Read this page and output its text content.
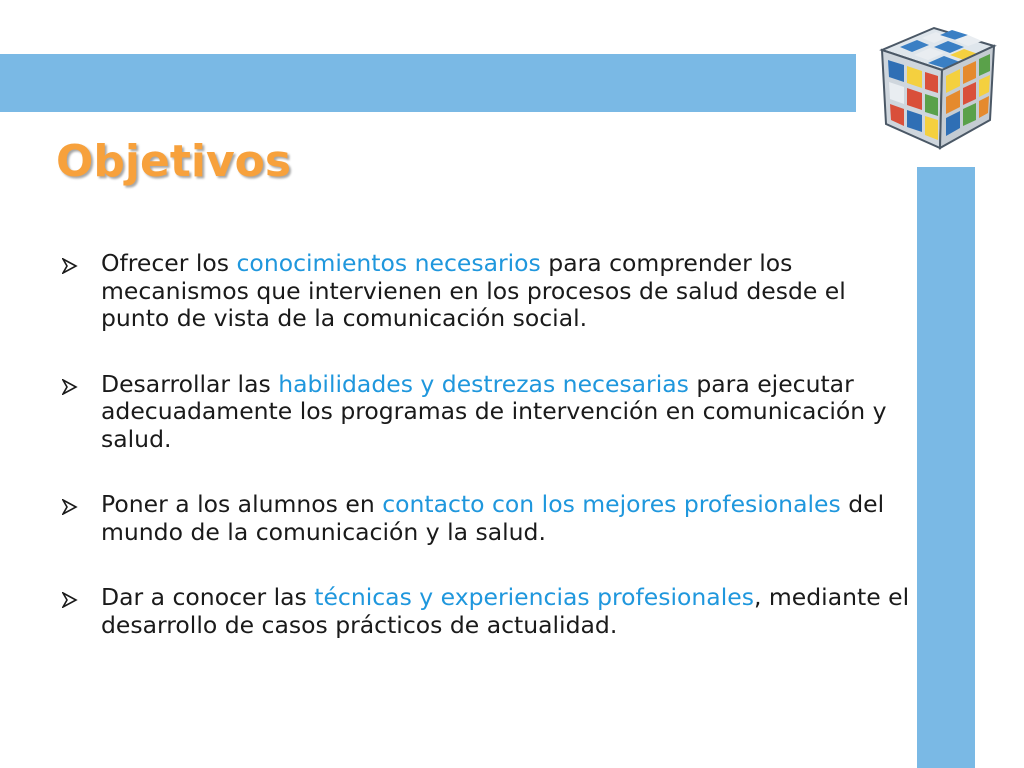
Objetivos
Ofrecer los conocimientos necesarios para comprender los mecanismos que intervienen en los procesos de salud desde el punto de vista de la comunicación social.
Desarrollar las habilidades y destrezas necesarias para ejecutar adecuadamente los programas de intervención en comunicación y salud.
Poner a los alumnos en contacto con los mejores profesionales del mundo de la comunicación y la salud.
Dar a conocer las técnicas y experiencias profesionales, mediante el desarrollo de casos prácticos de actualidad.
